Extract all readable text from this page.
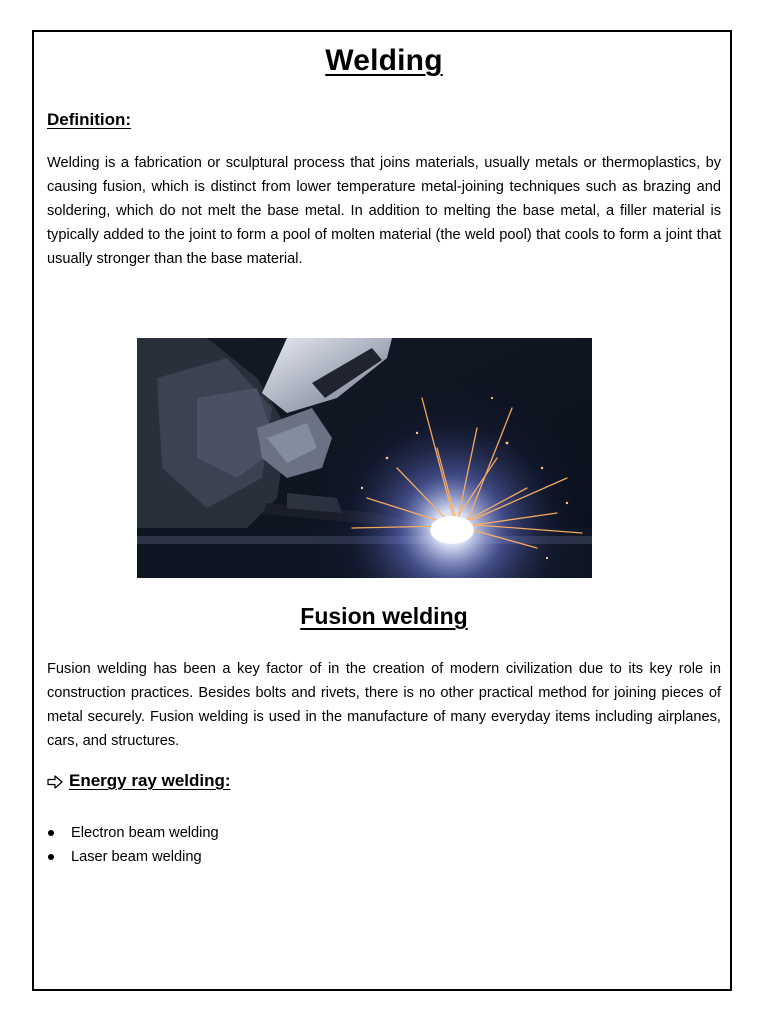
Welding
Definition:

Welding is a fabrication or sculptural process that joins materials, usually metals or thermoplastics, by causing fusion, which is distinct from lower temperature metal-joining techniques such as brazing and soldering, which do not melt the base metal. In addition to melting the base metal, a filler material is typically added to the joint to form a pool of molten material (the weld pool) that cools to form a joint that usually stronger than the base material.

Fusion welding

Fusion welding has been a key factor of in the creation of modern civilization due to its key role in construction practices. Besides bolts and rivets, there is no other practical method for joining pieces of metal securely. Fusion welding is used in the manufacture of many everyday items including airplanes, cars, and structures.

Energy ray welding:
Electron beam welding
Laser beam welding
